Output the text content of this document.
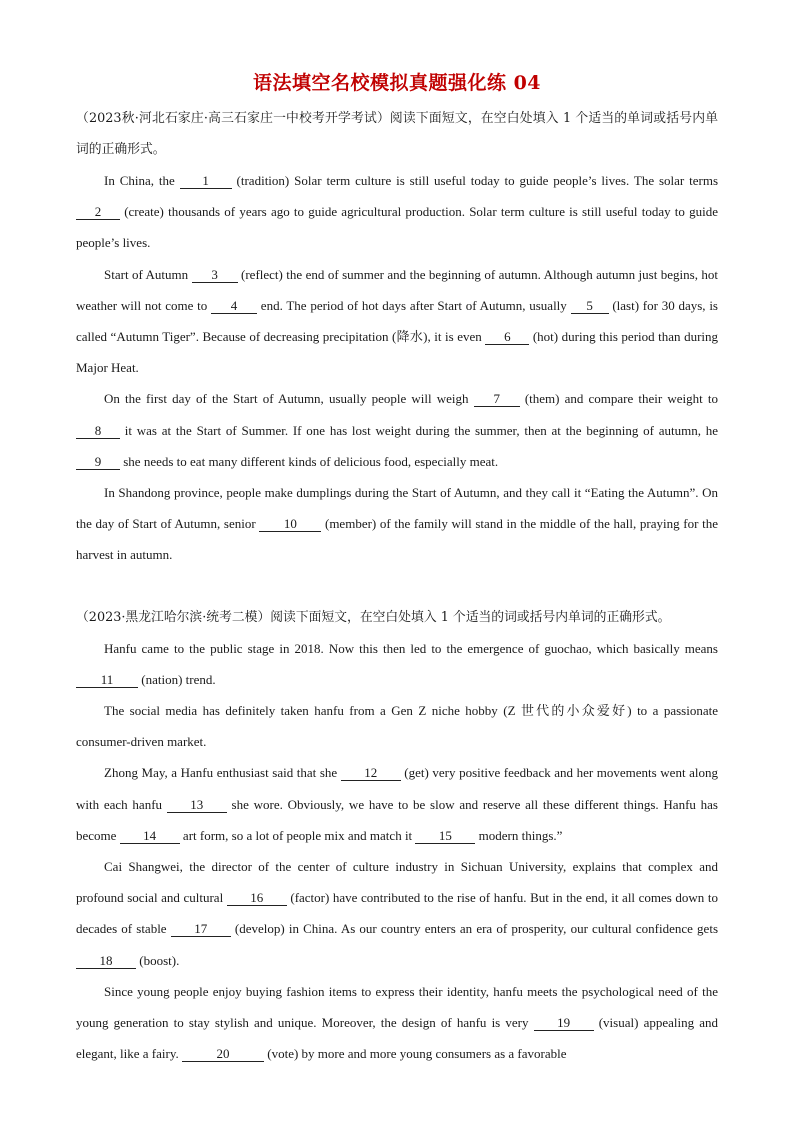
语法填空名校模拟真题强化练 04

（2023秋·河北石家庄·高三石家庄一中校考开学考试）阅读下面短文，在空白处填入 1 个适当的单词或括号内单词的正确形式。

In China, the 1 (tradition) Solar term culture is still useful today to guide people’s lives. The solar terms 2 (create) thousands of years ago to guide agricultural production. Solar term culture is still useful today to guide people’s lives.

Start of Autumn 3 (reflect) the end of summer and the beginning of autumn. Although autumn just begins, hot weather will not come to 4 end. The period of hot days after Start of Autumn, usually 5 (last) for 30 days, is called “Autumn Tiger”. Because of decreasing precipitation (降水), it is even 6 (hot) during this period than during Major Heat.

On the first day of the Start of Autumn, usually people will weigh 7 (them) and compare their weight to 8 it was at the Start of Summer. If one has lost weight during the summer, then at the beginning of autumn, he 9 she needs to eat many different kinds of delicious food, especially meat.

In Shandong province, people make dumplings during the Start of Autumn, and they call it “Eating the Autumn”. On the day of Start of Autumn, senior 10 (member) of the family will stand in the middle of the hall, praying for the harvest in autumn.

（2023·黑龙江哈尔滨·统考二模）阅读下面短文，在空白处填入 1 个适当的词或括号内单词的正确形式。

Hanfu came to the public stage in 2018. Now this then led to the emergence of guochao, which basically means 11 (nation) trend.

The social media has definitely taken hanfu from a Gen Z niche hobby (Z 世代的小众爱好) to a passionate consumer-driven market.

Zhong May, a Hanfu enthusiast said that she 12 (get) very positive feedback and her movements went along with each hanfu 13 she wore. Obviously, we have to be slow and reserve all these different things. Hanfu has become 14 art form, so a lot of people mix and match it 15 modern things.”

Cai Shangwei, the director of the center of culture industry in Sichuan University, explains that complex and profound social and cultural 16 (factor) have contributed to the rise of hanfu. But in the end, it all comes down to decades of stable 17 (develop) in China. As our country enters an era of prosperity, our cultural confidence gets 18 (boost).

Since young people enjoy buying fashion items to express their identity, hanfu meets the psychological need of the young generation to stay stylish and unique. Moreover, the design of hanfu is very 19 (visual) appealing and elegant, like a fairy.	20	(vote) by more and more young consumers as a favorable
